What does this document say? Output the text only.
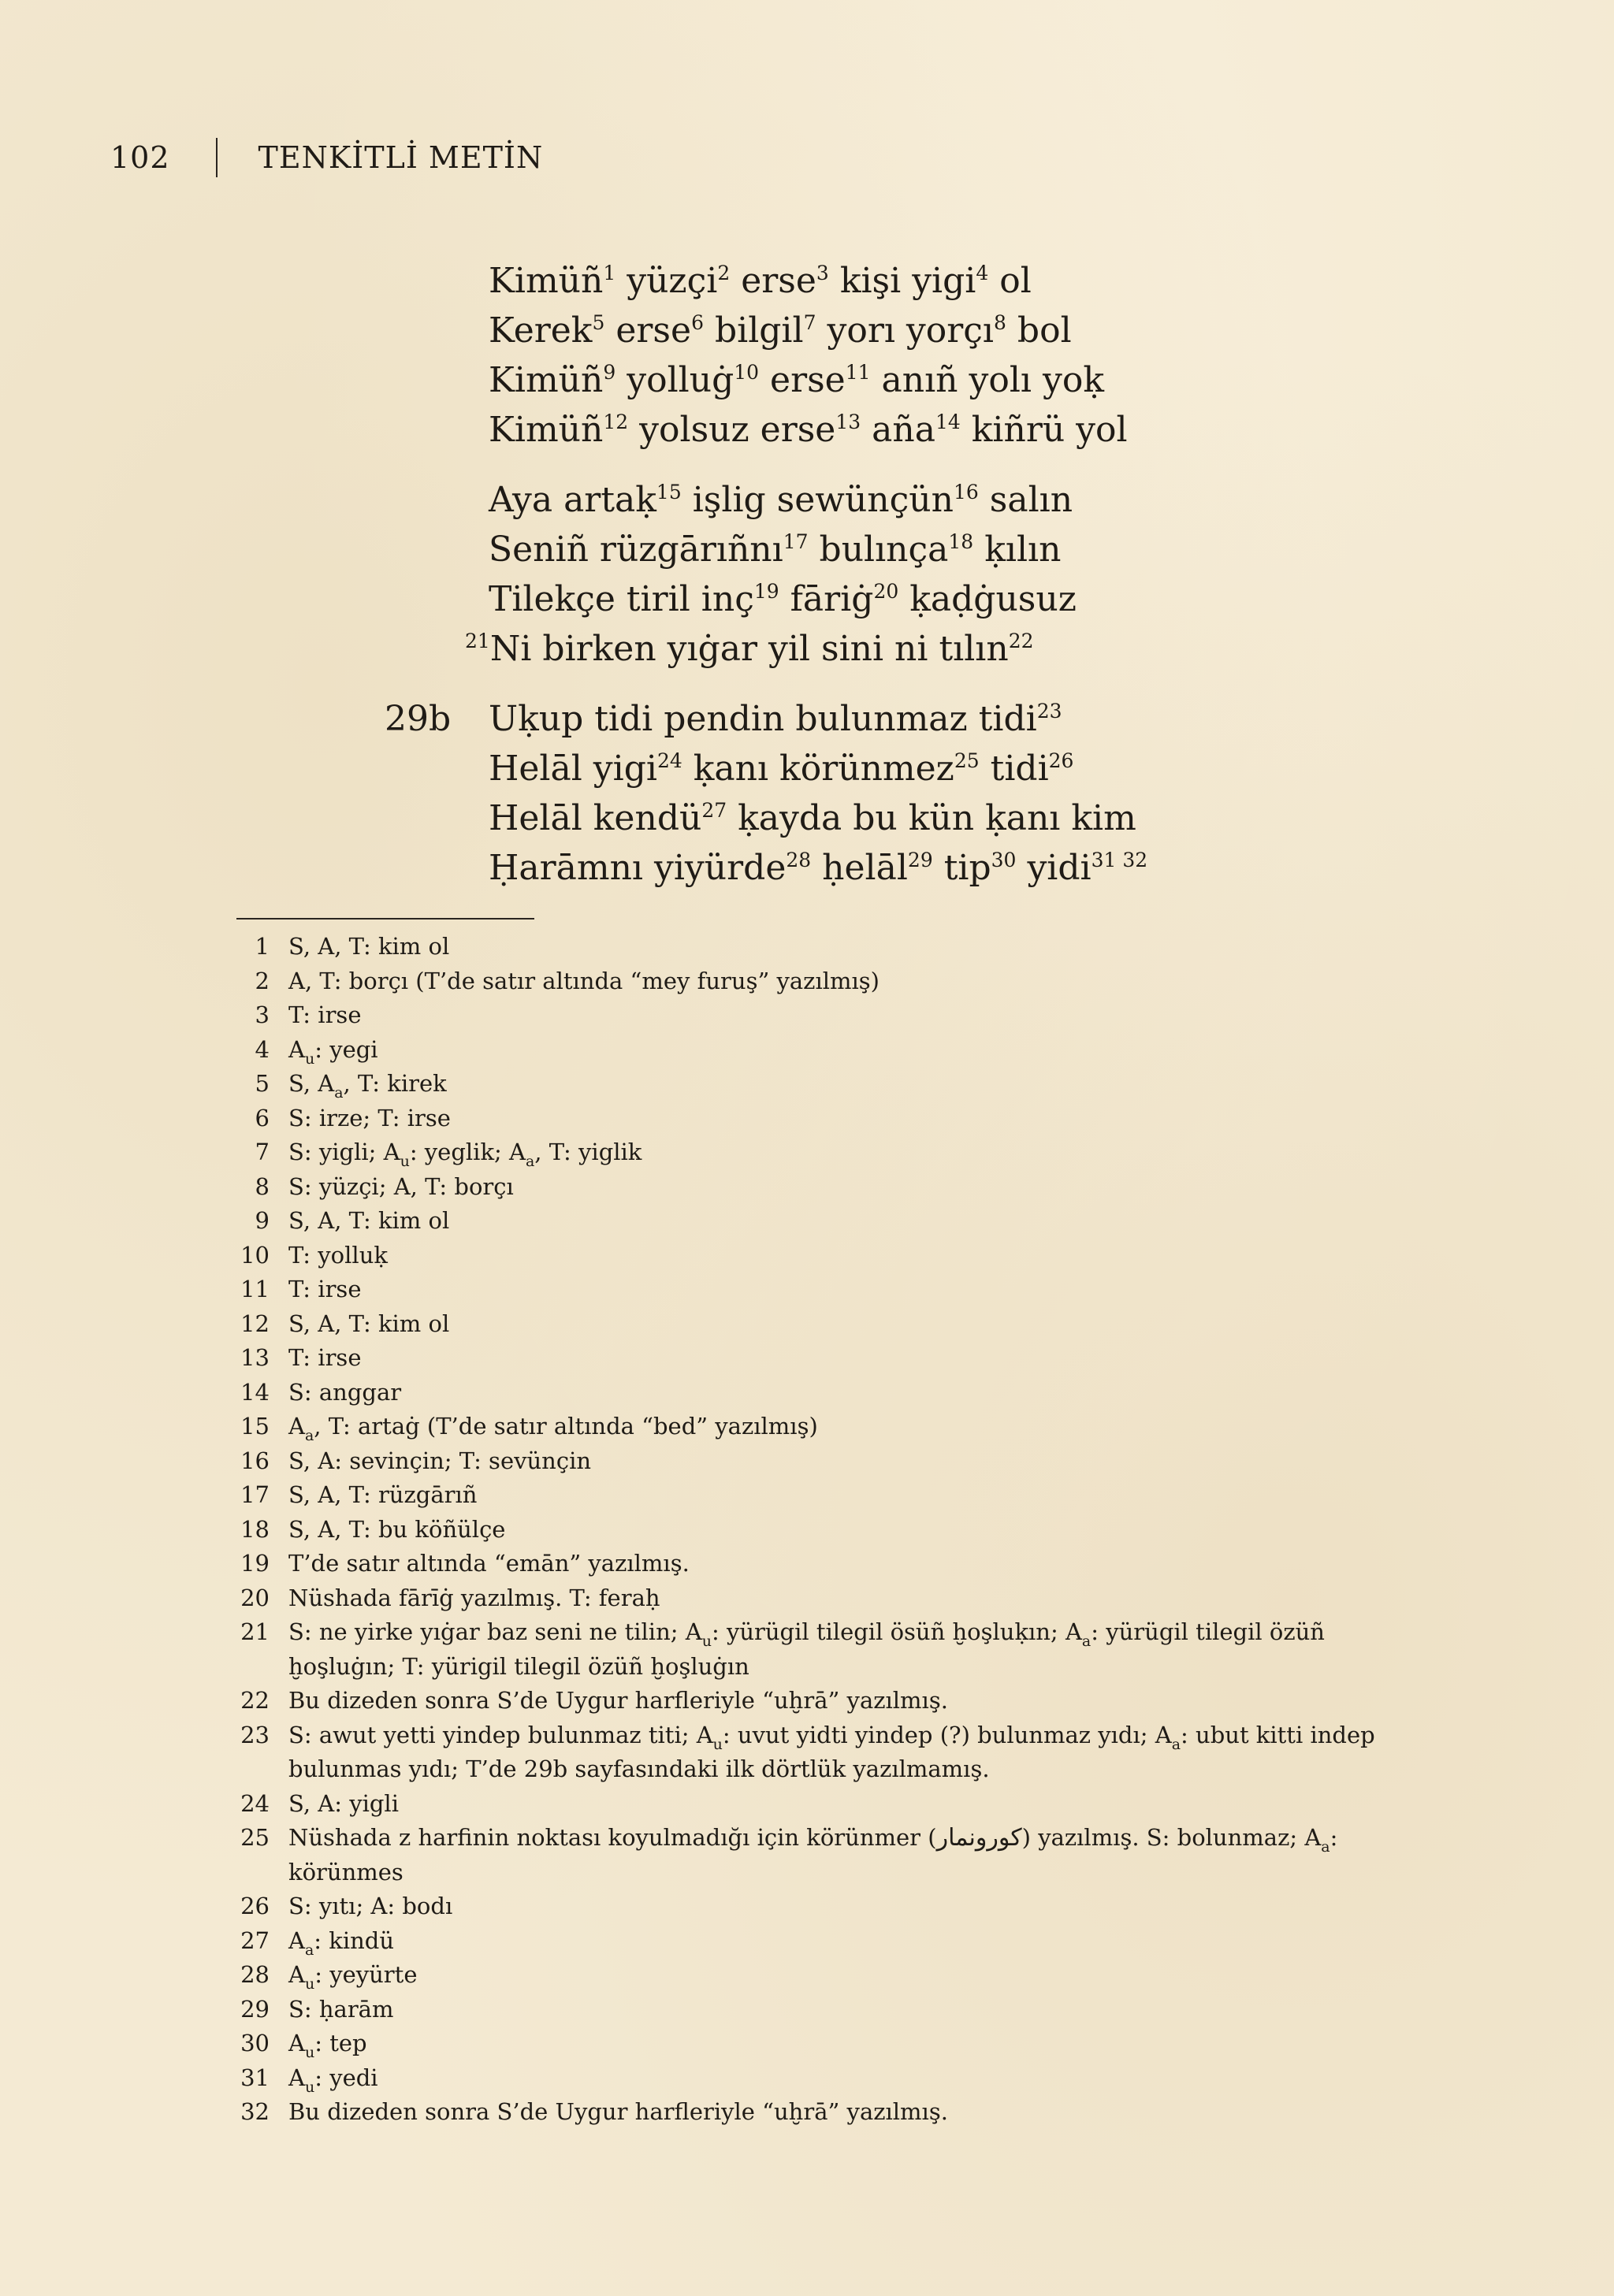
102	TENKİTLİ METİN
Kimüñ$^1$ yüzçi$^2$ erse$^3$ kişi yigi$^4$ ol
Kerek$^5$ erse$^6$ bilgil$^7$ yorı yorçı$^8$ bol
Kimüñ$^9$ yolluġ$^{10}$ erse$^{11}$ anıñ yolı yoḳ
Kimüñ$^{12}$ yolsuz erse$^{13}$ aña$^{14}$ kiñrü yol
Aya artaḳ$^{15}$ işlig sewünçün$^{16}$ salın
Seniñ rüzgārıñnı$^{17}$ bulınça$^{18}$ ḳılın
Tilekçe tiril inç$^{19}$ fāriġ$^{20}$ ḳaḍġusuz
$^{21}$Ni birken yıġar yil sini ni tılın$^{22}$
29b Uḳup tidi pendin bulunmaz tidi$^{23}$
Helāl yigi$^{24}$ ḳanı körünmez$^{25}$ tidi$^{26}$
Helāl kendü$^{27}$ ḳayda bu kün ḳanı kim
Ḥarāmnı yiyürde$^{28}$ ḥelāl$^{29}$ tip$^{30}$ yidi$^{31 32}$
1 S, A, T: kim ol
2 A, T: borçı (T’de satır altında “mey furuş” yazılmış)
3 T: irse
4 $A_u$: yegi
5 S, $A_a$, T: kirek
6 S: irze; T: irse
7 S: yigli; $A_u$: yeglik; $A_a$, T: yiglik
8 S: yüzçi; A, T: borçı
9 S, A, T: kim ol
10 T: yolluḳ
11 T: irse
12 S, A, T: kim ol
13 T: irse
14 S: anggar
15 $A_a$, T: artaġ (T’de satır altında “bed” yazılmış)
16 S, A: sevinçin; T: sevünçin
17 S, A, T: rüzgārıñ
18 S, A, T: bu köñülçe
19 T’de satır altında “emān” yazılmış.
20 Nüshada fārīġ yazılmış. T: feraḥ
21 S: ne yirke yıġar baz seni ne tilin; $A_u$: yürügil tilegil ösüñ ḫoşluḳın; $A_a$: yürügil tilegil özüñ ḫoşluġın; T: yürigil tilegil özüñ ḫoşluġın
22 Bu dizeden sonra S’de Uygur harfleriyle “uḫrā” yazılmış.
23 S: awut yetti yindep bulunmaz titi; $A_u$: uvut yidti yindep (?) bulunmaz yıdı; $A_a$: ubut kitti indep bulunmas yıdı; T’de 29b sayfasındaki ilk dörtlük yazılmamış.
24 S, A: yigli
25 Nüshada z harfinin noktası koyulmadığı için körünmer (كورونمار) yazılmış. S: bolunmaz; $A_a$: körünmes
26 S: yıtı; A: bodı
27 $A_a$: kindü
28 $A_u$: yeyürte
29 S: ḥarām
30 $A_u$: tep
31 $A_u$: yedi
32 Bu dizeden sonra S’de Uygur harfleriyle “uḫrā” yazılmış.
